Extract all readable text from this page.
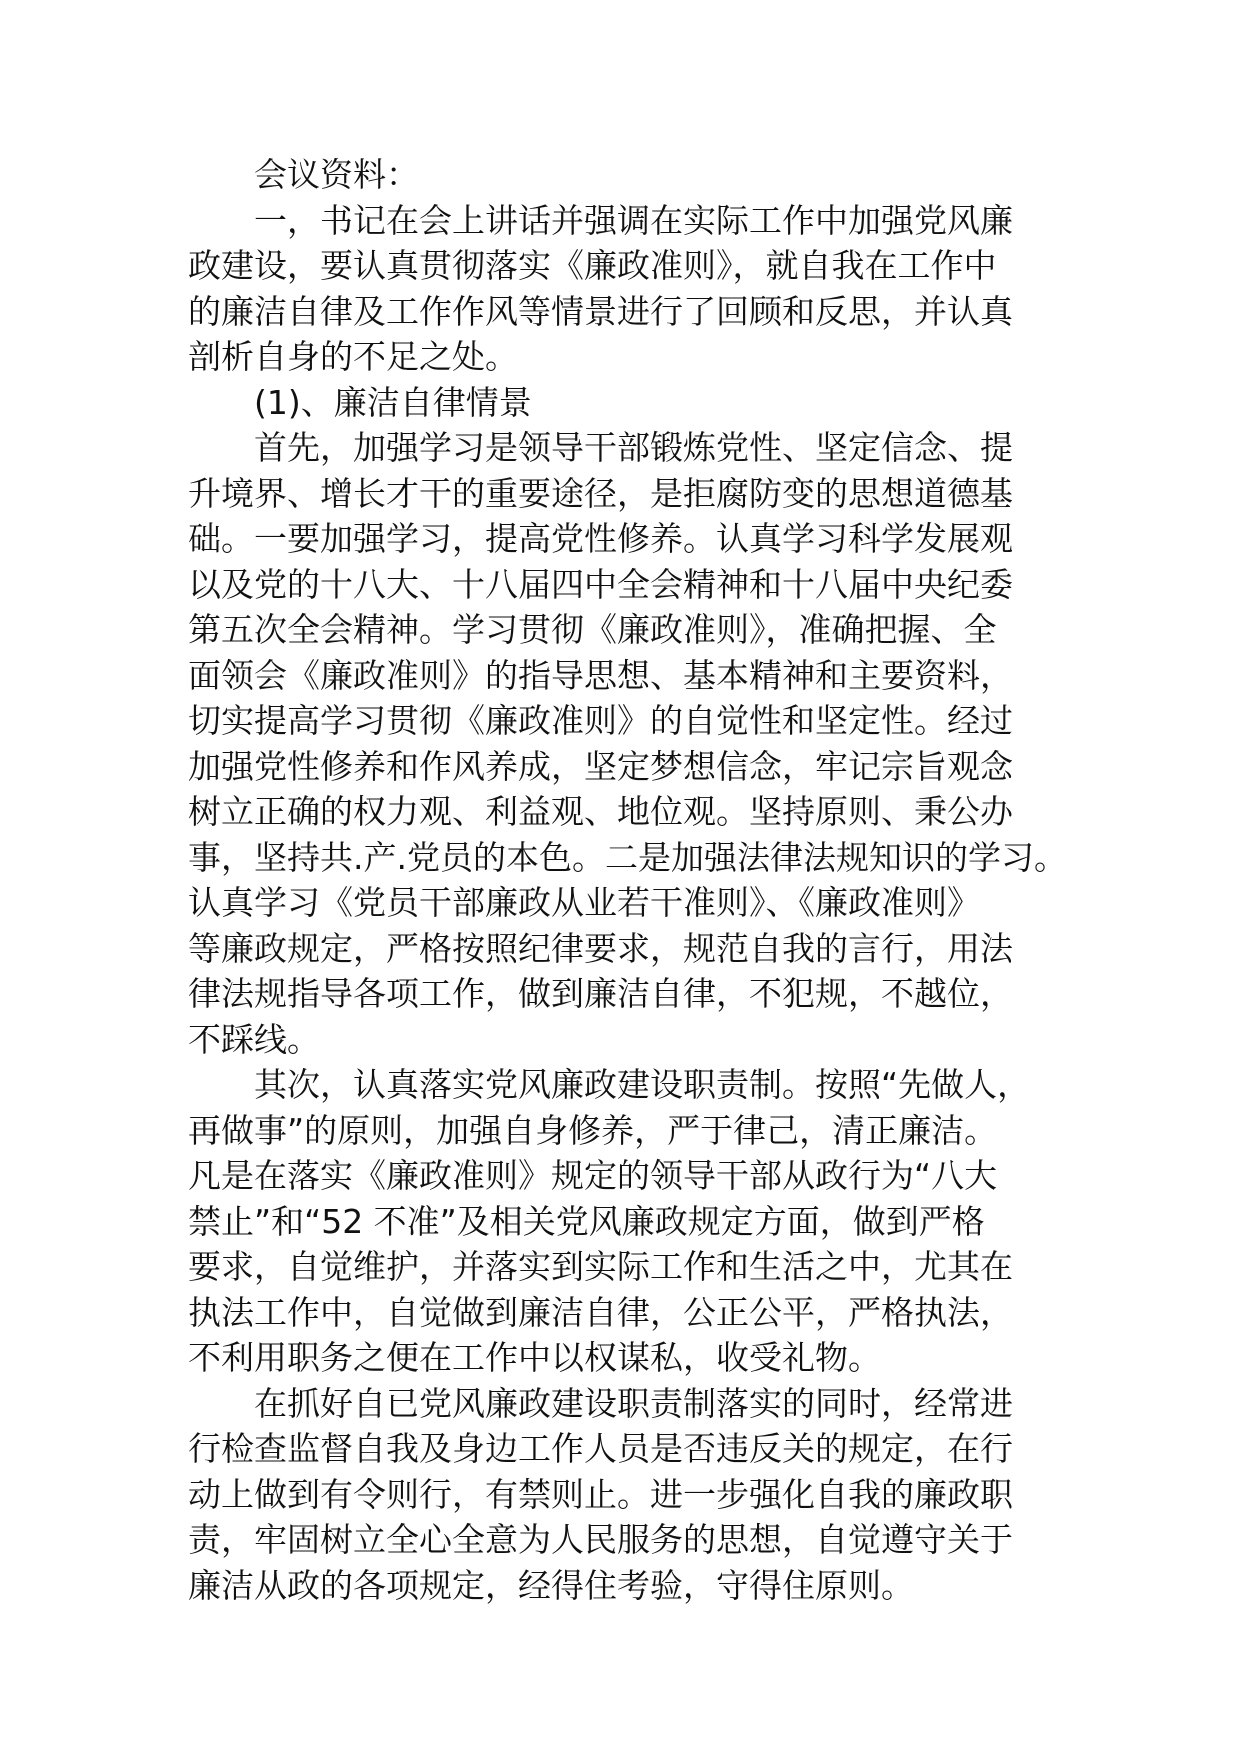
会议资料：
一，书记在会上讲话并强调在实际工作中加强党风廉
政建设，要认真贯彻落实《廉政准则》，就自我在工作中
的廉洁自律及工作作风等情景进行了回顾和反思，并认真
剖析自身的不足之处。
(1)、廉洁自律情景
首先，加强学习是领导干部锻炼党性、坚定信念、提
升境界、增长才干的重要途径，是拒腐防变的思想道德基
础。一要加强学习，提高党性修养。认真学习科学发展观
以及党的十八大、十八届四中全会精神和十八届中央纪委
第五次全会精神。学习贯彻《廉政准则》，准确把握、全
面领会《廉政准则》的指导思想、基本精神和主要资料，
切实提高学习贯彻《廉政准则》的自觉性和坚定性。经过
加强党性修养和作风养成，坚定梦想信念，牢记宗旨观念
树立正确的权力观、利益观、地位观。坚持原则、秉公办
事，坚持共.产.党员的本色。二是加强法律法规知识的学习。
认真学习《党员干部廉政从业若干准则》、《廉政准则》
等廉政规定，严格按照纪律要求，规范自我的言行，用法
律法规指导各项工作，做到廉洁自律，不犯规，不越位，
不踩线。
其次，认真落实党风廉政建设职责制。按照“先做人，
再做事”的原则，加强自身修养，严于律己，清正廉洁。
凡是在落实《廉政准则》规定的领导干部从政行为“八大
禁止”和“52 不准”及相关党风廉政规定方面，做到严格
要求，自觉维护，并落实到实际工作和生活之中，尤其在
执法工作中，自觉做到廉洁自律，公正公平，严格执法，
不利用职务之便在工作中以权谋私，收受礼物。
在抓好自已党风廉政建设职责制落实的同时，经常进
行检查监督自我及身边工作人员是否违反关的规定，在行
动上做到有令则行，有禁则止。进一步强化自我的廉政职
责，牢固树立全心全意为人民服务的思想，自觉遵守关于
廉洁从政的各项规定，经得住考验，守得住原则。
